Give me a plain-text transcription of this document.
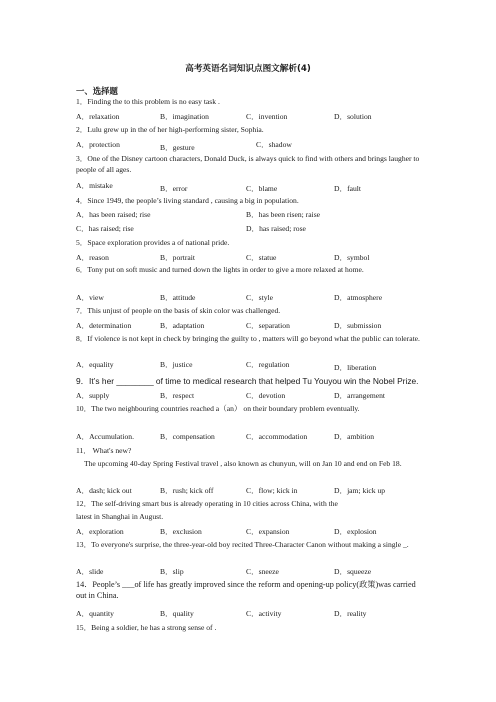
高考英语名词知识点图文解析(4)
一、选择题
1．Finding the to this problem is no easy task .
A．relaxation	B．imagination	C．invention	D．solution
2．Lulu grew up in the of her high-performing sister, Sophia.
A．protection	B．gesture	C．shadow
3．One of the Disney cartoon characters, Donald Duck, is always quick to find with others and brings laugher to people of all ages.
A．mistake	B．error	C．blame	D．fault
4．Since 1949, the people’s living standard , causing a big in population.
A．has been raised; rise	B．has been risen; raise
C．has raised; rise	D．has raised; rose
5．Space exploration provides a of national pride.
A．reason	B．portrait	C．statue	D．symbol
6．Tony put on soft music and turned down the lights in order to give a more relaxed at home.
A．view	B．attitude	C．style	D．atmosphere
7．This unjust of people on the basis of skin color was challenged.
A．determination	B．adaptation	C．separation	D．submission
8．If violence is not kept in check by bringing the guilty to , matters will go beyond what the public can tolerate.
A．equality	B．justice	C．regulation	D．liberation
9．It’s her ________ of time to medical research that helped Tu Youyou win the Nobel Prize.
A．supply	B．respect	C．devotion	D．arrangement
10．The two neighbouring countries reached a（an） on their boundary problem eventually.
A．Accumulation.	B．compensation	C．accommodation	D．ambition
11． What's new?
The upcoming 40-day Spring Festival travel , also known as chunyun, will on Jan 10 and end on Feb 18.
A．dash; kick out	B．rush; kick off	C．flow; kick in	D．jam; kick up
12．The self-driving smart bus is already operating in 10 cities across China, with the
latest in Shanghai in August.
A．exploration	B．exclusion	C．expansion	D．explosion
13．To everyone's surprise, the three-year-old boy recited Three-Character Canon without making a single _.
A．slide	B．slip	C．sneeze	D．squeeze
14．People’s ___of life has greatly improved since the reform and opening-up policy(政策)was carried out in China.
A．quantity	B．quality	C．activity	D．reality
15．Being a soldier, he has a strong sense of .
